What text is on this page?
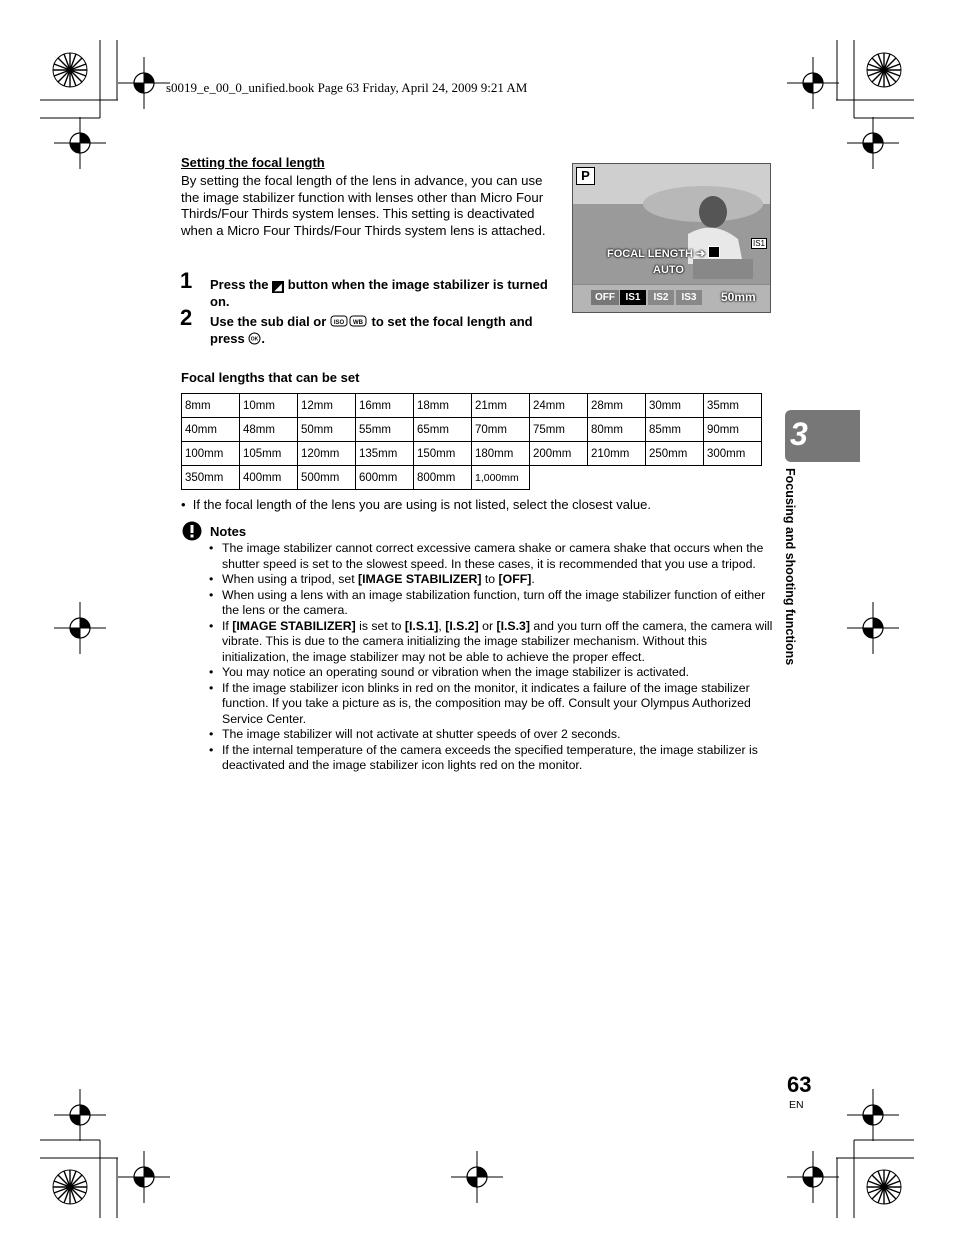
s0019_e_00_0_unified.book Page 63 Friday, April 24, 2009 9:21 AM
Setting the focal length
By setting the focal length of the lens in advance, you can use the image stabilizer function with lenses other than Micro Four Thirds/Four Thirds system lenses. This setting is deactivated when a Micro Four Thirds/Four Thirds system lens is attached.
1 Press the ◢ button when the image stabilizer is turned on.
2 Use the sub dial or ISO WB to set the focal length and press OK .
P
IS1
FOCAL LENGTH ➔
AUTO
OFF	IS1	IS2	IS3	50mm
Focal lengths that can be set
8mm	10mm	12mm	16mm	18mm	21mm	24mm	28mm	30mm	35mm
40mm	48mm	50mm	55mm	65mm	70mm	75mm	80mm	85mm	90mm
100mm	105mm	120mm	135mm	150mm	180mm	200mm	210mm	250mm	300mm
350mm	400mm	500mm	600mm	800mm	1,000mm				
•  If the focal length of the lens you are using is not listed, select the closest value.
Notes
• The image stabilizer cannot correct excessive camera shake or camera shake that occurs when the shutter speed is set to the slowest speed. In these cases, it is recommended that you use a tripod.
• When using a tripod, set [IMAGE STABILIZER] to [OFF].
• When using a lens with an image stabilization function, turn off the image stabilizer function of either the lens or the camera.
• If [IMAGE STABILIZER] is set to [I.S.1], [I.S.2] or [I.S.3] and you turn off the camera, the camera will vibrate. This is due to the camera initializing the image stabilizer mechanism. Without this initialization, the image stabilizer may not be able to achieve the proper effect.
• You may notice an operating sound or vibration when the image stabilizer is activated.
• If the image stabilizer icon blinks in red on the monitor, it indicates a failure of the image stabilizer function. If you take a picture as is, the composition may be off. Consult your Olympus Authorized Service Center.
• The image stabilizer will not activate at shutter speeds of over 2 seconds.
• If the internal temperature of the camera exceeds the specified temperature, the image stabilizer is deactivated and the image stabilizer icon lights red on the monitor.
3
Focusing and shooting functions
63
EN
